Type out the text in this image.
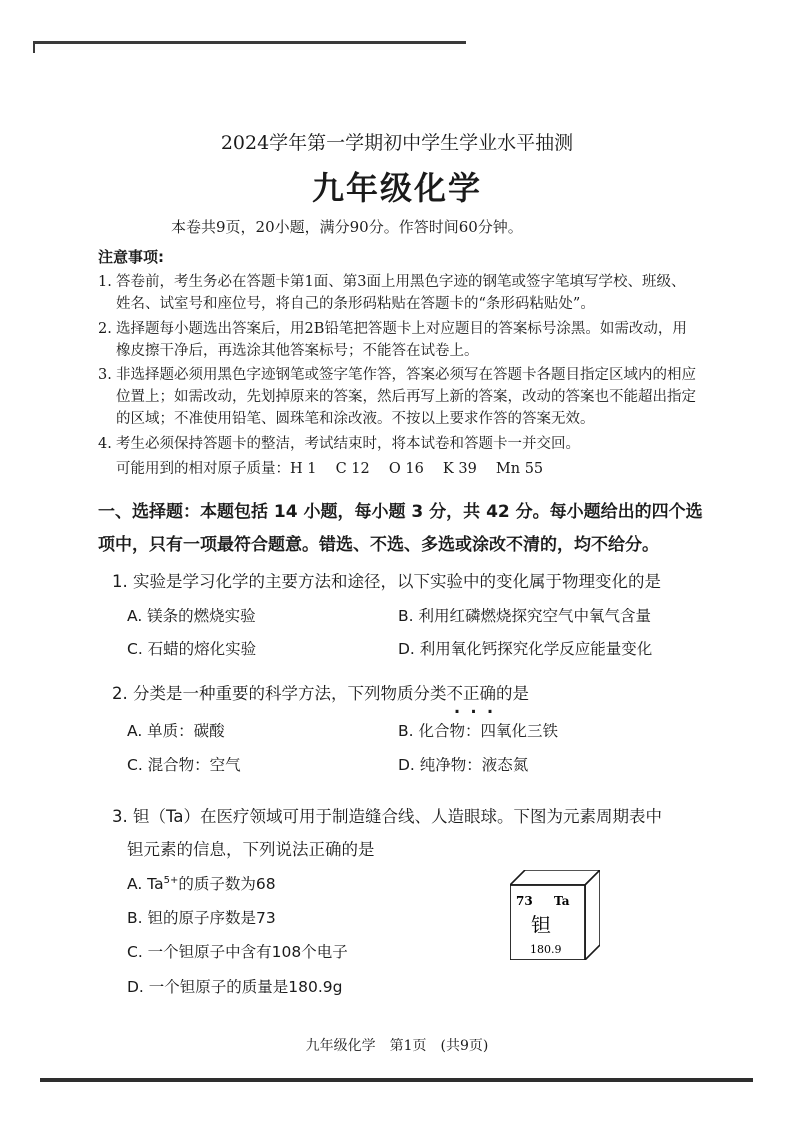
2024学年第一学期初中学生学业水平抽测
九年级化学
本卷共9页，20小题，满分90分。作答时间60分钟。
注意事项:
1. 答卷前，考生务必在答题卡第1面、第3面上用黑色字迹的钢笔或签字笔填写学校、班级、姓名、试室号和座位号，将自己的条形码粘贴在答题卡的“条形码粘贴处”。
2. 选择题每小题选出答案后，用2B铅笔把答题卡上对应题目的答案标号涂黑。如需改动，用橡皮擦干净后，再选涂其他答案标号；不能答在试卷上。
3. 非选择题必须用黑色字迹钢笔或签字笔作答，答案必须写在答题卡各题目指定区域内的相应位置上；如需改动，先划掉原来的答案，然后再写上新的答案，改动的答案也不能超出指定的区域；不准使用铅笔、圆珠笔和涂改液。不按以上要求作答的答案无效。
4. 考生必须保持答题卡的整洁，考试结束时，将本试卷和答题卡一并交回。
可能用到的相对原子质量：H 1　 C 12　 O 16　 K 39　 Mn 55
一、选择题：本题包括 14 小题，每小题 3 分，共 42 分。每小题给出的四个选项中，只有一项最符合题意。错选、不选、多选或涂改不清的，均不给分。
1. 实验是学习化学的主要方法和途径，以下实验中的变化属于物理变化的是
A. 镁条的燃烧实验	B. 利用红磷燃烧探究空气中氧气含量
C. 石蜡的熔化实验	D. 利用氧化钙探究化学反应能量变化
2. 分类是一种重要的科学方法，下列物质分类不正确的是
A. 单质：碳酸	B. 化合物：四氧化三铁
C. 混合物：空气	D. 纯净物：液态氮
3. 钽（Ta）在医疗领域可用于制造缝合线、人造眼球。下图为元素周期表中
钽元素的信息，下列说法正确的是
A. $Ta^{5+}$的质子数为68
B. 钽的原子序数是73
C. 一个钽原子中含有108个电子
D. 一个钽原子的质量是180.9g
73 Ta
钽
180.9
九年级化学　第1页　(共9页)
